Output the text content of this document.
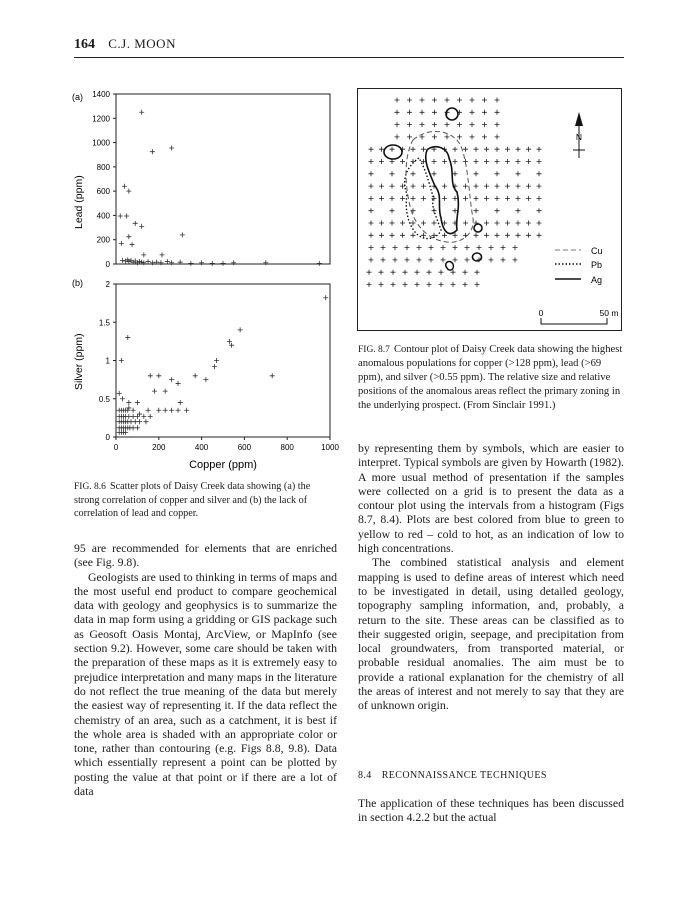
164 C.J. MOON
(a)
0
200
400
600
800
1000
1200
1400
Lead (ppm)
(b)
0
0.5
1
1.5
2
0	200	400	600	800	1000
Silver (ppm)
Copper (ppm)
N
Cu
Pb
Ag
0	50 m
FIG. 8.6 Scatter plots of Daisy Creek data showing (a) the strong correlation of copper and silver and (b) the lack of correlation of lead and copper.
FIG. 8.7 Contour plot of Daisy Creek data showing the highest anomalous populations for copper (>128 ppm), lead (>69 ppm), and silver (>0.55 ppm). The relative size and relative positions of the anomalous areas reflect the primary zoning in the underlying prospect. (From Sinclair 1991.)

95 are recommended for elements that are enriched (see Fig. 9.8).

Geologists are used to thinking in terms of maps and the most useful end product to compare geochemical data with geology and geophysics is to summarize the data in map form using a gridding or GIS package such as Geosoft Oasis Montaj, ArcView, or MapInfo (see section 9.2). However, some care should be taken with the preparation of these maps as it is extremely easy to prejudice interpretation and many maps in the literature do not reflect the true meaning of the data but merely the easiest way of representing it. If the data reflect the chemistry of an area, such as a catchment, it is best if the whole area is shaded with an appropriate color or tone, rather than contouring (e.g. Figs 8.8, 9.8). Data which essentially represent a point can be plotted by posting the value at that point or if there are a lot of data

by representing them by symbols, which are easier to interpret. Typical symbols are given by Howarth (1982). A more usual method of presentation if the samples were collected on a grid is to present the data as a contour plot using the intervals from a histogram (Figs 8.7, 8.4). Plots are best colored from blue to green to yellow to red – cold to hot, as an indication of low to high concentrations.

The combined statistical analysis and element mapping is used to define areas of interest which need to be investigated in detail, using detailed geology, topography sampling information, and, probably, a return to the site. These areas can be classified as to their suggested origin, seepage, and precipitation from local groundwaters, from transported material, or probable residual anomalies. The aim must be to provide a rational explanation for the chemistry of all the areas of interest and not merely to say that they are of unknown origin.

8.4 RECONNAISSANCE TECHNIQUES

The application of these techniques has been discussed in section 4.2.2 but the actual
